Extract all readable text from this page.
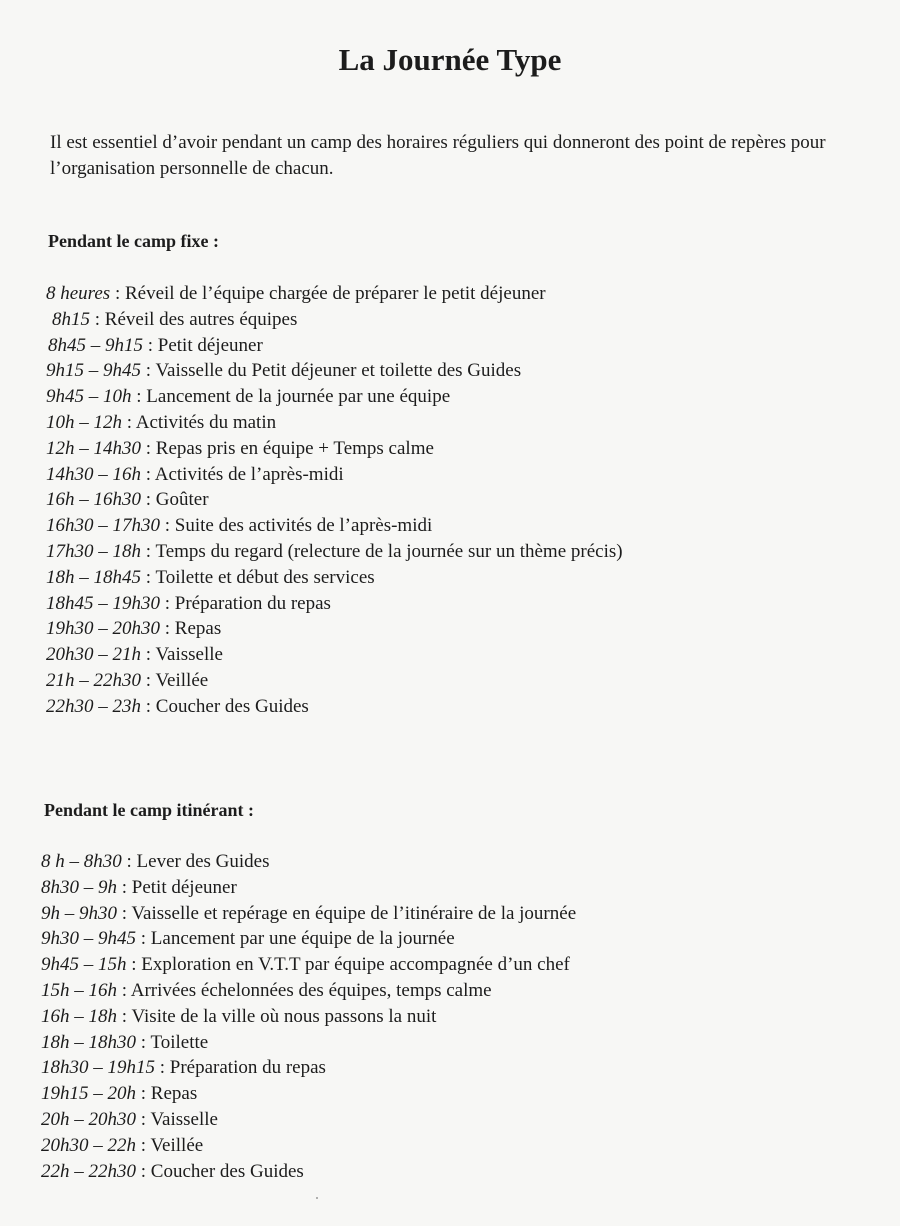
La Journée Type

Il est essentiel d’avoir pendant un camp des horaires réguliers qui donneront des point de repères pour l’organisation personnelle de chacun.

Pendant le camp fixe :
8 heures : Réveil de l’équipe chargée de préparer le petit déjeuner
8h15 : Réveil des autres équipes
8h45 – 9h15 : Petit déjeuner
9h15 – 9h45 : Vaisselle du Petit déjeuner et toilette des Guides
9h45 – 10h : Lancement de la journée par une équipe
10h – 12h : Activités du matin
12h – 14h30 : Repas pris en équipe + Temps calme
14h30 – 16h : Activités de l’après-midi
16h – 16h30 : Goûter
16h30 – 17h30 : Suite des activités de l’après-midi
17h30 – 18h : Temps du regard (relecture de la journée sur un thème précis)
18h – 18h45 : Toilette et début des services
18h45 – 19h30 : Préparation du repas
19h30 – 20h30 : Repas
20h30 – 21h : Vaisselle
21h – 22h30 : Veillée
22h30 – 23h : Coucher des Guides
Pendant le camp itinérant :
8 h – 8h30 : Lever des Guides
8h30 – 9h : Petit déjeuner
9h – 9h30 : Vaisselle et repérage en équipe de l’itinéraire de la journée
9h30 – 9h45 : Lancement par une équipe de la journée
9h45 – 15h : Exploration en V.T.T par équipe accompagnée d’un chef
15h – 16h : Arrivées échelonnées des équipes, temps calme
16h – 18h : Visite de la ville où nous passons la nuit
18h – 18h30 : Toilette
18h30 – 19h15 : Préparation du repas
19h15 – 20h : Repas
20h – 20h30 : Vaisselle
20h30 – 22h : Veillée
22h – 22h30 : Coucher des Guides
